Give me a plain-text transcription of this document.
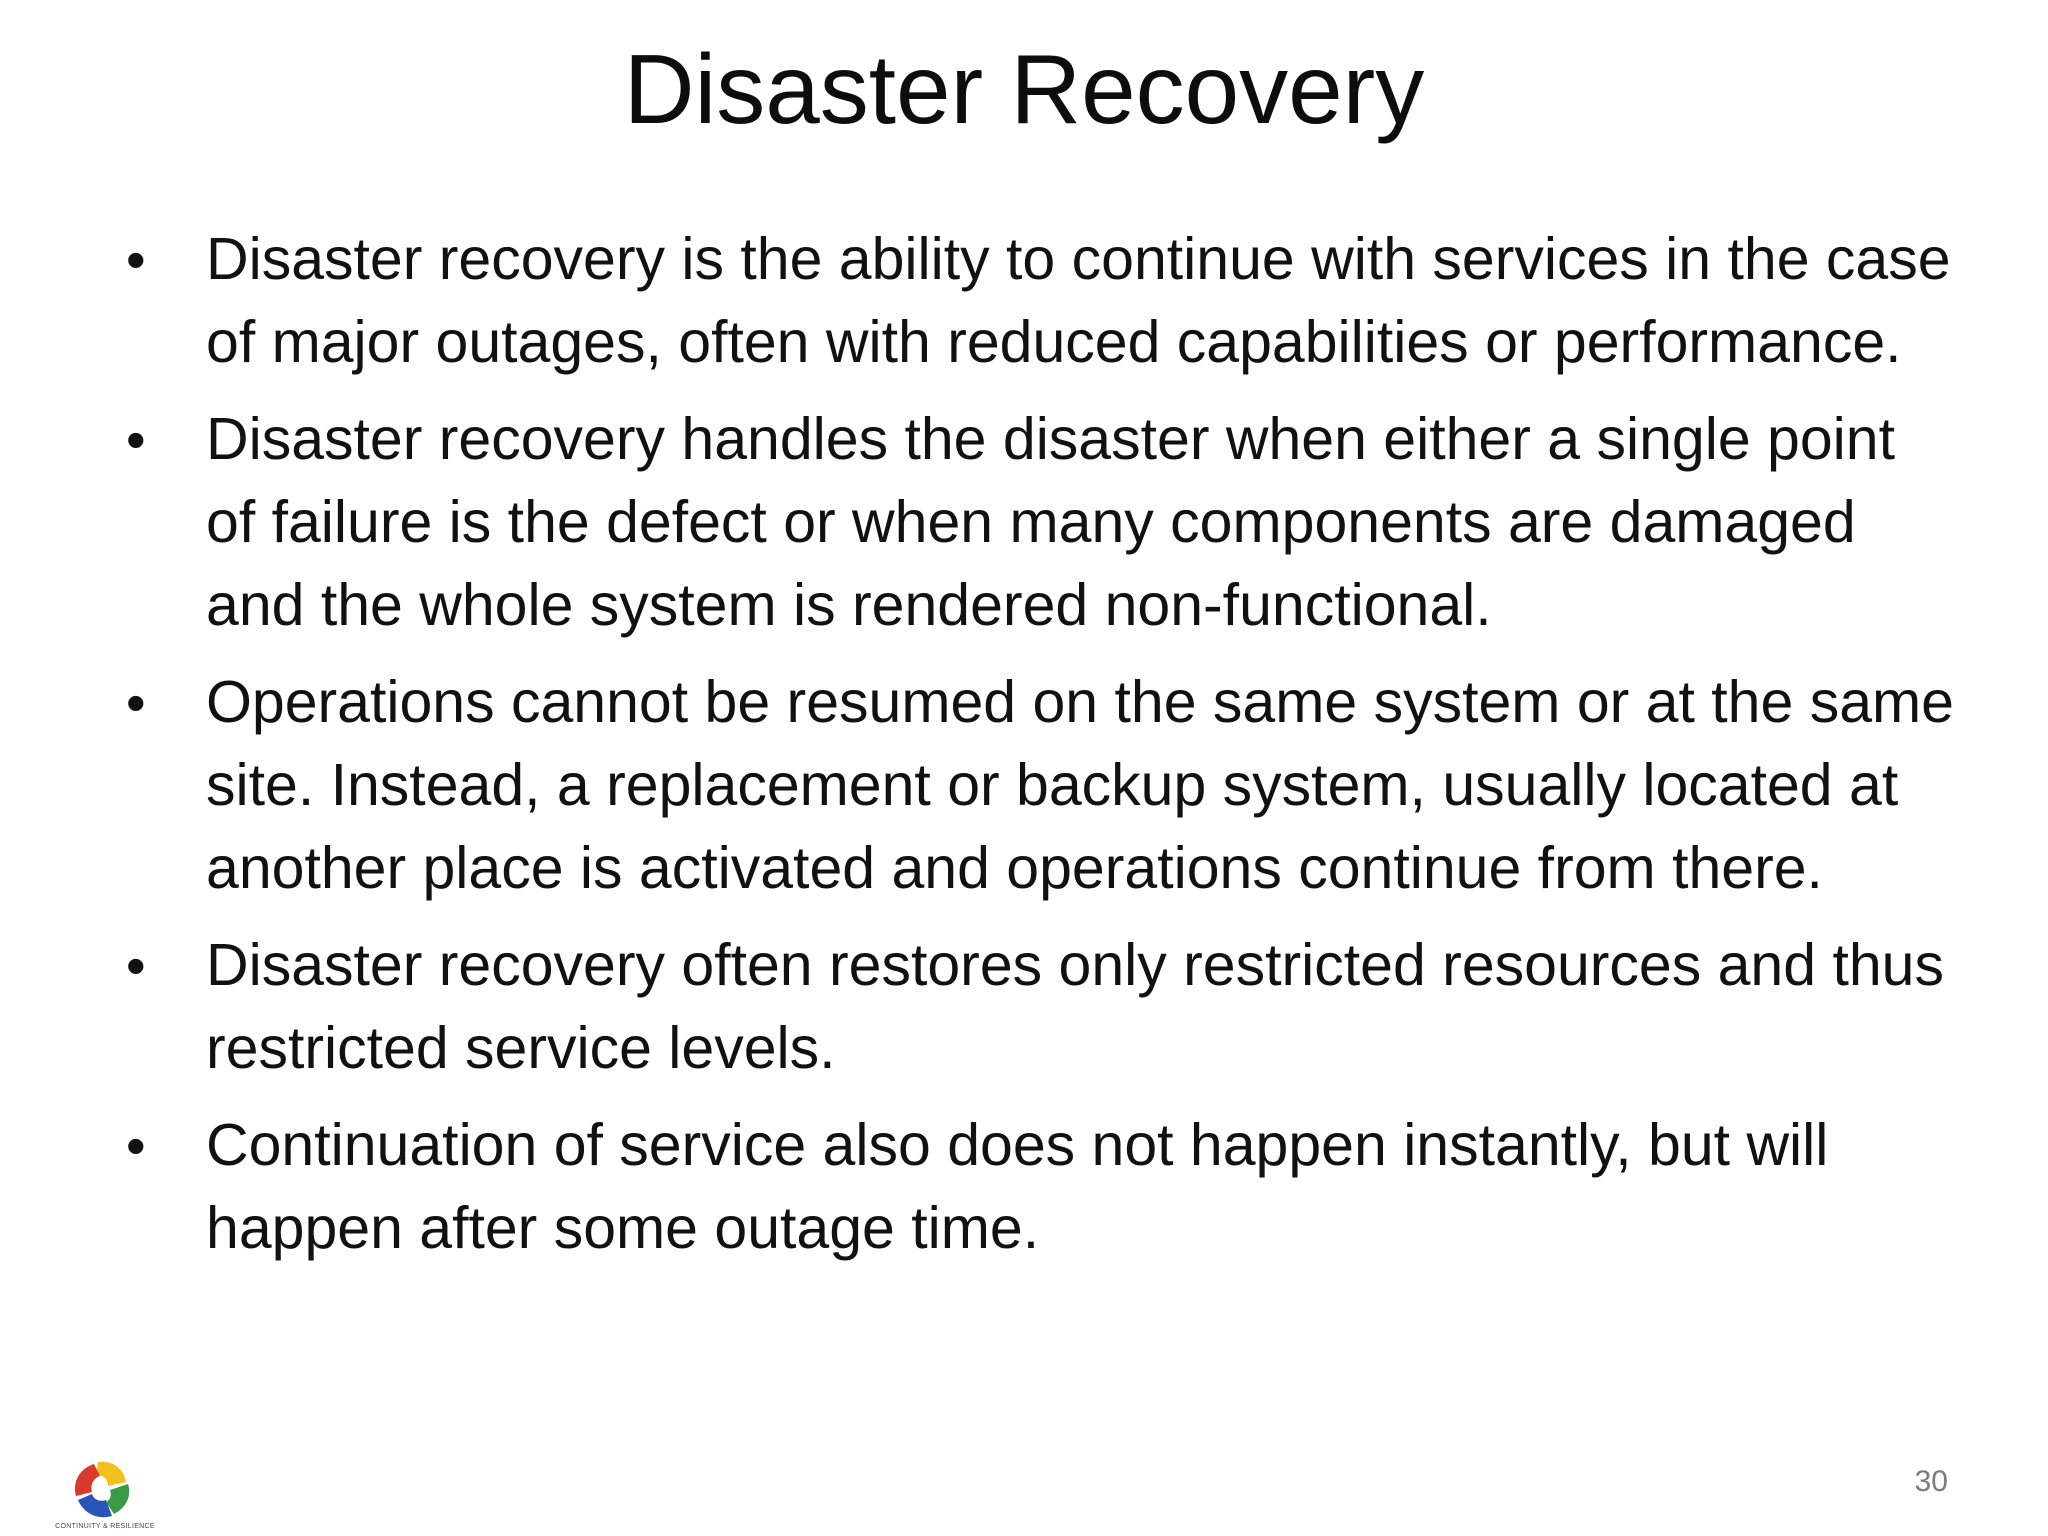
Disaster Recovery
•	Disaster recovery is the ability to continue with services in the case of major outages, often with reduced capabilities or performance.
•	Disaster recovery handles the disaster when either a single point of failure is the defect or when many components are damaged and the whole system is rendered non-functional.
•	Operations cannot be resumed on the same system or at the same site. Instead, a replacement or backup system, usually located at another place is activated and operations continue from there.
•	Disaster recovery often restores only restricted resources and thus restricted service levels.
•	Continuation of service also does not happen instantly, but will happen after some outage time.
CONTINUITY & RESILIENCE
30
